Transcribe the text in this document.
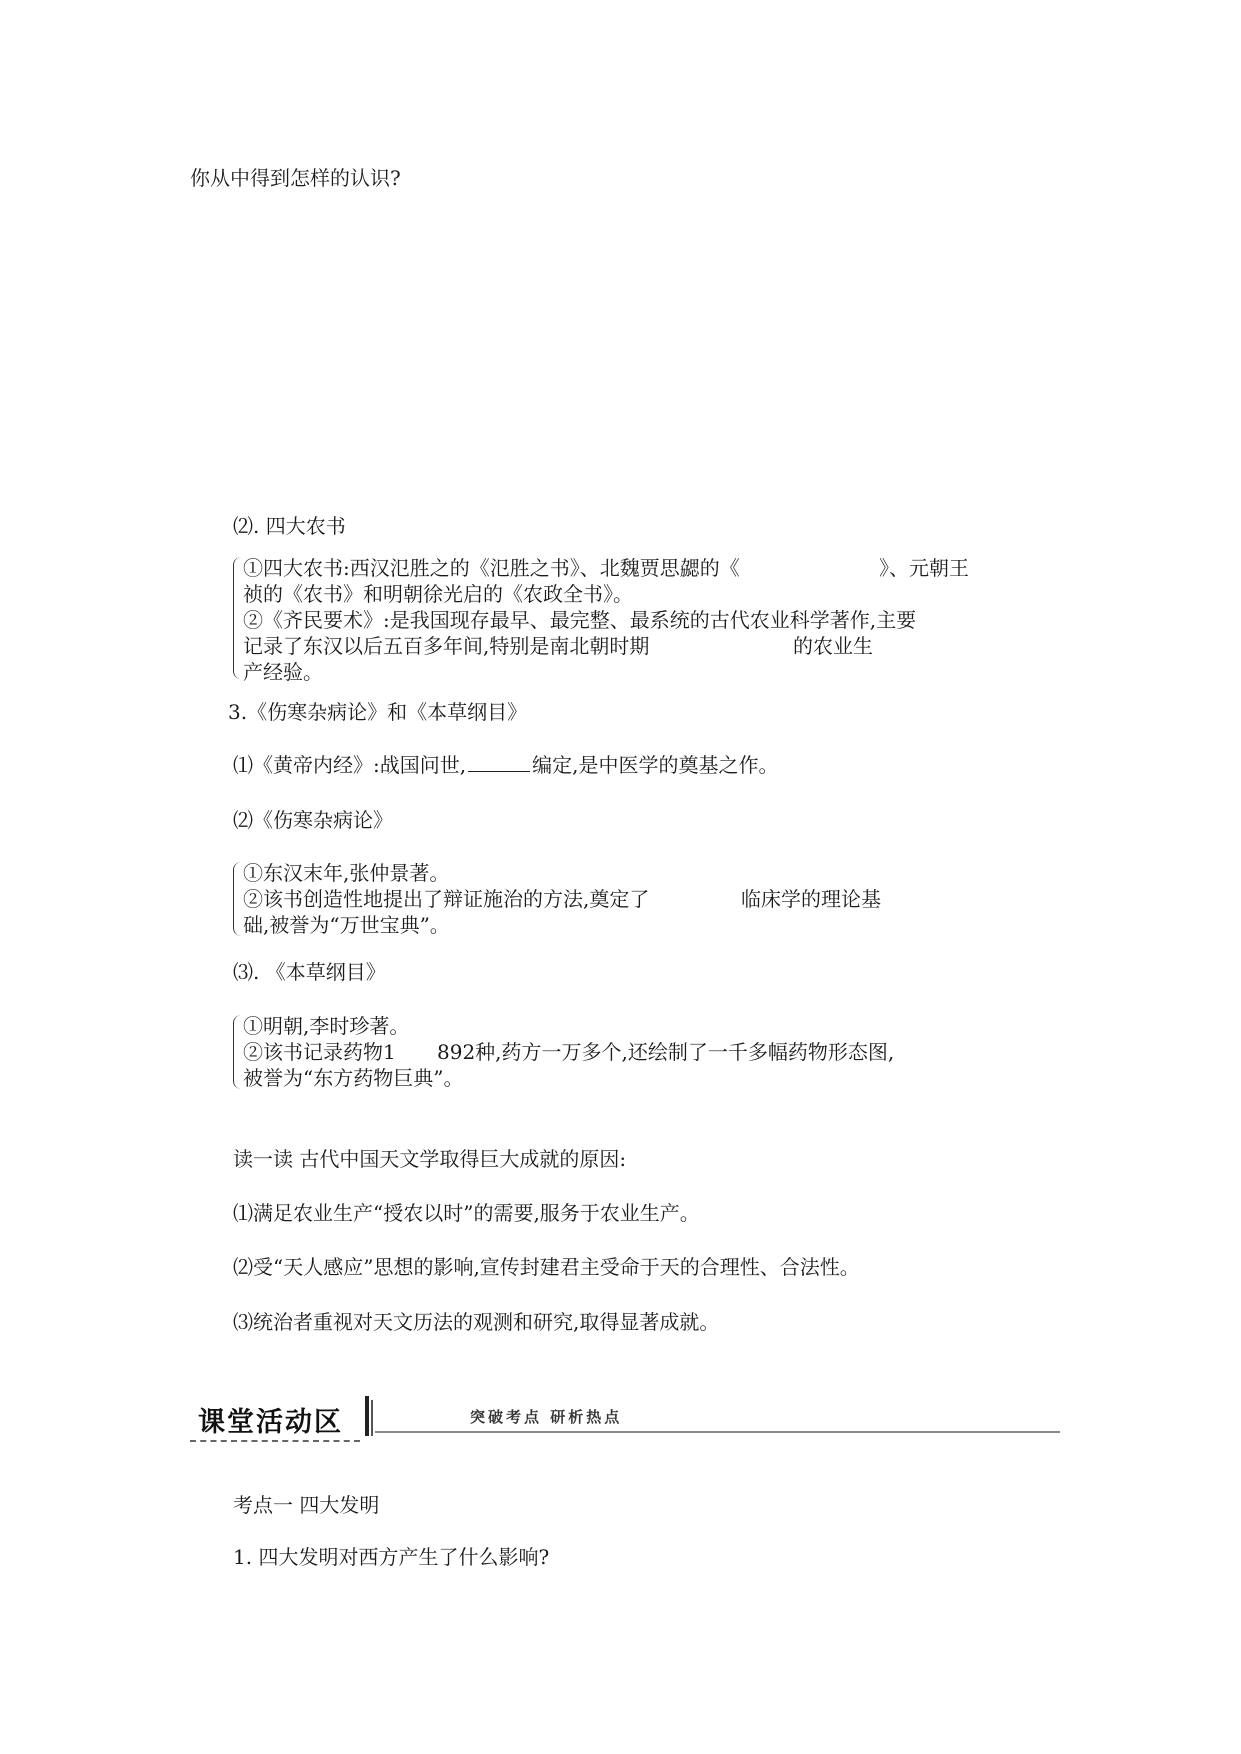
你从中得到怎样的认识?
⑵. 四大农书
①四大农书:西汉氾胜之的《氾胜之书》、北魏贾思勰的《	》、元朝王
祯的《农书》和明朝徐光启的《农政全书》。
②《齐民要术》:是我国现存最早、最完整、最系统的古代农业科学著作,主要
记录了东汉以后五百多年间,特别是南北朝时期	的农业生
产经验。
3.《伤寒杂病论》和《本草纲目》
⑴《黄帝内经》:战国问世,	编定,是中医学的奠基之作。
⑵《伤寒杂病论》
①东汉末年,张仲景著。
②该书创造性地提出了辩证施治的方法,奠定了	临床学的理论基
础,被誉为“万世宝典”。
⑶. 《本草纲目》
①明朝,李时珍著。
②该书记录药物1 892种,药方一万多个,还绘制了一千多幅药物形态图,
被誉为“东方药物巨典”。
读一读 古代中国天文学取得巨大成就的原因:
⑴满足农业生产“授农以时”的需要,服务于农业生产。
⑵受“天人感应”思想的影响,宣传封建君主受命于天的合理性、合法性。
⑶统治者重视对天文历法的观测和研究,取得显著成就。
课堂活动区	突破考点 研析热点
考点一 四大发明
1. 四大发明对西方产生了什么影响?
